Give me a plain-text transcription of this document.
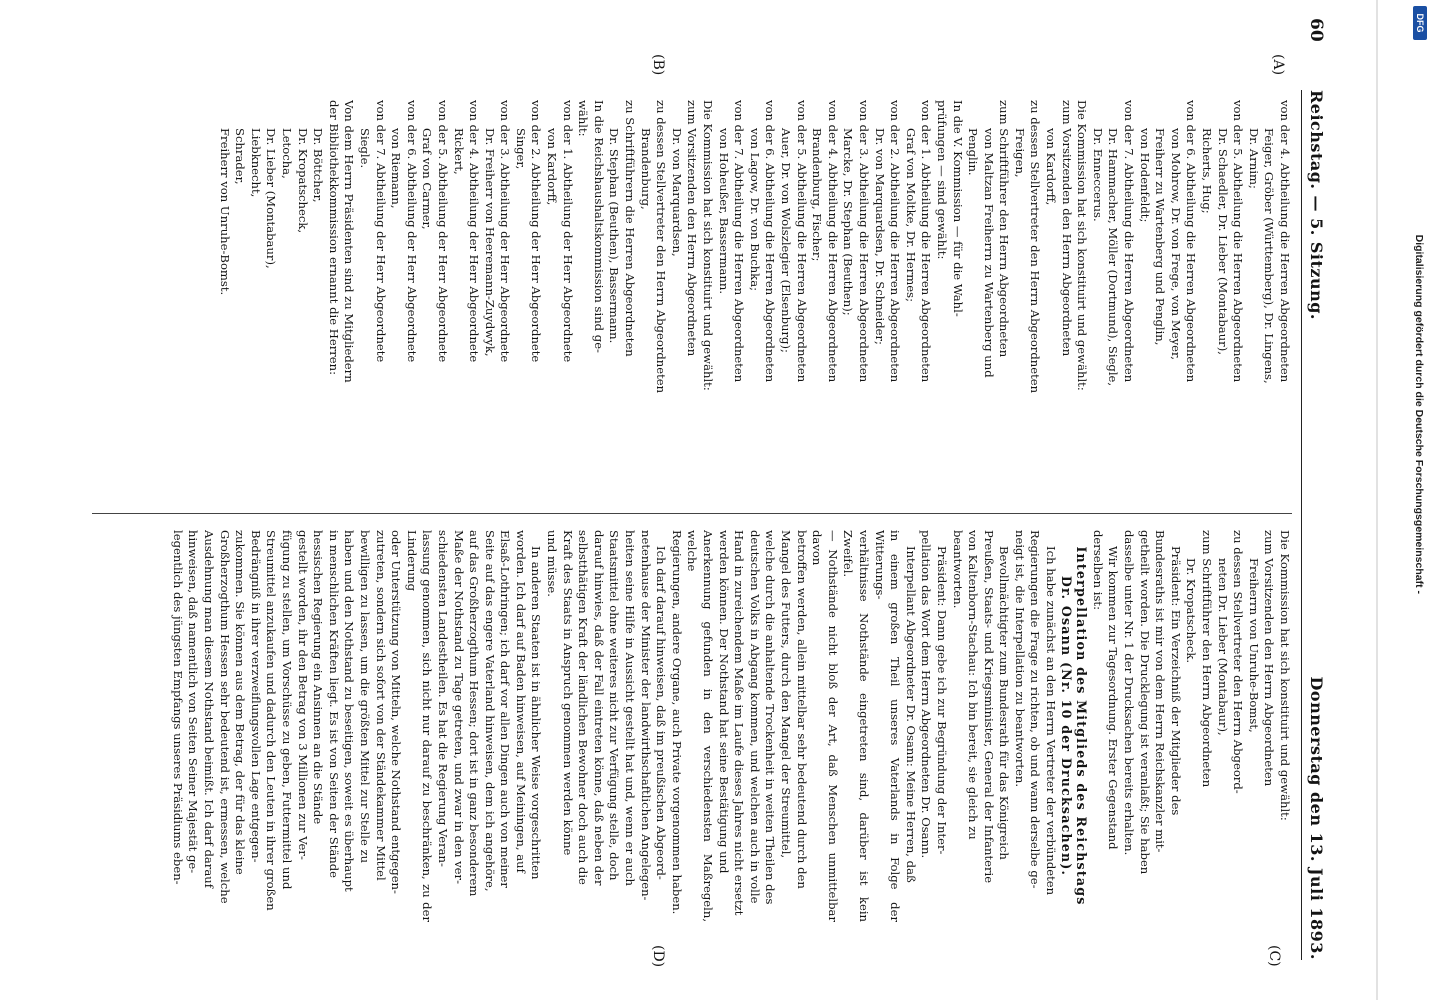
60
Reichstag. — 5. Sitzung.
Donnerstag den 13. Juli 1893.
(A)
(B)
(C)
(D)

von der 4. Abtheilung die Herren Abgeordneten

Feiger, Gröber (Württemberg), Dr. Lingens,

Dr. Arnim;

von der 5. Abtheilung die Herren Abgeordneten

Dr. Schaedler, Dr. Lieber (Montabaur),

Richerts, Hug;

von der 6. Abtheilung die Herren Abgeordneten

von Mohrow, Dr. von Frege, von Meyer,

Freiherr zu Wartenberg und Penglin,

von Hodenfeldt;

von der 7. Abtheilung die Herren Abgeordneten

Dr. Hammacher, Möller (Dortmund), Siegle,

Dr. Enneccerus.

Die Kommission hat sich konstituirt und gewählt:

zum Vorsitzenden den Herrn Abgeordneten

von Kardorff,

zu dessen Stellvertreter den Herrn Abgeordneten

Freigen,

zum Schriftführer den Herrn Abgeordneten

von Maltzan Freiherrn zu Wartenberg und

Penglin.

In die V. Kommission — für die Wahl-

prüfungen — sind gewählt:

von der 1. Abtheilung die Herren Abgeordneten

Graf von Moltke, Dr. Hermes;

von der 2. Abtheilung die Herren Abgeordneten

Dr. von Marquardsen, Dr. Schneider;

von der 3. Abtheilung die Herren Abgeordneten

Marcke, Dr. Stephan (Beuthen);

von der 4. Abtheilung die Herren Abgeordneten

Brandenburg, Fischer;

von der 5. Abtheilung die Herren Abgeordneten

Auer, Dr. von Wolszlegier (Elsenburg);

von der 6. Abtheilung die Herren Abgeordneten

von Lagow, Dr. von Buchka;

von der 7. Abtheilung die Herren Abgeordneten

von Hoheußer, Bassermann.

Die Kommission hat sich konstituirt und gewählt:

zum Vorsitzenden den Herrn Abgeordneten

Dr. von Marquardsen,

zu dessen Stellvertreter den Herrn Abgeordneten

Brandenburg,

zu Schriftführern die Herren Abgeordneten

Dr. Stephan (Beuthen), Bassermann.

In die Reichshaushaltskommission sind ge-

wählt:

von der 1. Abtheilung der Herr Abgeordnete

von Kardorff,

von der 2. Abtheilung der Herr Abgeordnete

Singer,

von der 3. Abtheilung der Herr Abgeordnete

Dr. Freiherr von Heeremann-Zuydwyk,

von der 4. Abtheilung der Herr Abgeordnete

Rickert,

von der 5. Abtheilung der Herr Abgeordnete

Graf von Carmer,

von der 6. Abtheilung der Herr Abgeordnete

von Riemann,

von der 7. Abtheilung der Herr Abgeordnete

Siegle.

Von dem Herrn Präsidenten sind zu Mitgliedern

der Bibliothekkommission ernannt die Herren:

Dr. Böttcher,

Dr. Kropatscheck,

Letocha,

Dr. Lieber (Montabaur),

Liebknecht,

Schrader,

Freiherr von Unruhe-Bomst.

Die Kommission hat sich konstituirt und gewählt:

zum Vorsitzenden den Herrn Abgeordneten

Freiherrn von Unruhe-Bomst,

zu dessen Stellvertreter den Herrn Abgeord-

neten Dr. Lieber (Montabaur),

zum Schriftführer den Herrn Abgeordneten

Dr. Kropatscheck.

Präsident: Ein Verzeichniß der Mitglieder des

Bundesraths ist mir von dem Herrn Reichskanzler mit-

getheilt worden. Die Drucklegung ist veranlaßt; Sie haben

dasselbe unter Nr. 1 der Drucksachen bereits erhalten.

Wir kommen zur Tagesordnung. Erster Gegenstand

derselben ist:

Interpellation des Mitglieds des Reichstags

Dr. Osann (Nr. 10 der Drucksachen).

Ich habe zunächst an den Herrn Vertreter der verbündeten

Regierungen die Frage zu richten, ob und wann derselbe ge-

neigt ist, die Interpellation zu beantworten.

Bevollmächtigter zum Bundesrath für das Königreich

Preußen, Staats- und Kriegsminister, General der Infanterie

von Kaltenborn-Stachau: Ich bin bereit, sie gleich zu

beantworten.

Präsident: Dann gebe ich zur Begründung der Inter-

pellation das Wort dem Herrn Abgeordneten Dr. Osann.

Interpellant Abgeordneter Dr. Osann: Meine Herren, daß

in einem großen Theil unseres Vaterlands in Folge der Witterungs-

verhältnisse Nothstände eingetreten sind, darüber ist kein Zweifel.

— Nothstände nicht bloß der Art, daß Menschen unmittelbar davon

betroffen werden, allein mittelbar sehr bedeutend durch den

Mangel des Futters, durch den Mangel der Streumittel,

welche durch die anhaltende Trockenheit in weiten Theilen des

deutschen Volks in Abgang kommen, und welchen auch in volle

Hand in zureichendem Maße im Laufe dieses Jahres nicht ersetzt

werden können. Der Nothstand hat seine Bestätigung und

Anerkennung gefunden in den verschiedensten Maßregeln, welche

Regierungen, andere Organe, auch Private vorgenommen haben.

Ich darf darauf hinweisen, daß im preußischen Abgeord-

netenhause der Minister der landwirthschaftlichen Angelegen-

heiten seine Hilfe in Aussicht gestellt hat und, wenn er auch

Staatsmittel ohne weiteres nicht zur Verfügung stelle, doch

darauf hinwies, daß der Fall eintreten könne, daß neben der

selbstthätigen Kraft der ländlichen Bewohner doch auch die

Kraft des Staats in Anspruch genommen werden könne

und müsse.

In anderen Staaten ist in ähnlicher Weise vorgeschritten

worden. Ich darf auf Baden hinweisen, auf Meiningen, auf

Elsaß-Lothringen; ich darf vor allen Dingen auch von meiner

Seite auf das engere Vaterland hinweisen, dem ich angehöre,

auf das Großherzogthum Hessen; dort ist in ganz besonderem

Maße der Nothstand zu Tage getreten, und zwar in den ver-

schiedensten Landestheilen. Es hat die Regierung Veran-

lassung genommen, sich nicht nur darauf zu beschränken, zu der Linderung

oder Unterstützung von Mitteln, welche Nothstand entgegen-

zutreten, sondern sich sofort von der Ständekammer Mittel

bewilligen zu lassen, um die größten Mittel zur Stelle zu

haben und den Nothstand zu beseitigen, soweit es überhaupt

in menschlichen Kräften liegt. Es ist von Seiten der Stände

hessischen Regierung ein Ansinnen an die Stände

gestellt worden, ihr den Betrag von 3 Millionen zur Ver-

fügung zu stellen, um Vorschüsse zu geben, Futtermittel und

Streumittel anzukaufen und dadurch den Leuten in ihrer großen

Bedrängniß in ihrer verzweiflungsvollen Lage entgegen-

zukommen. Sie können aus dem Betrag, der für das kleine

Großherzogthum Hessen sehr bedeutend ist, ermessen, welche

Ausdehnung man diesem Nothstand beimißt. Ich darf darauf

hinweisen, daß namentlich von Seiten Seiner Majestät ge-

legentlich des jüngsten Empfangs unseres Präsidiums eben-

Digitalisierung gefördert durch die Deutsche Forschungsgemeinschaft -
DFG
